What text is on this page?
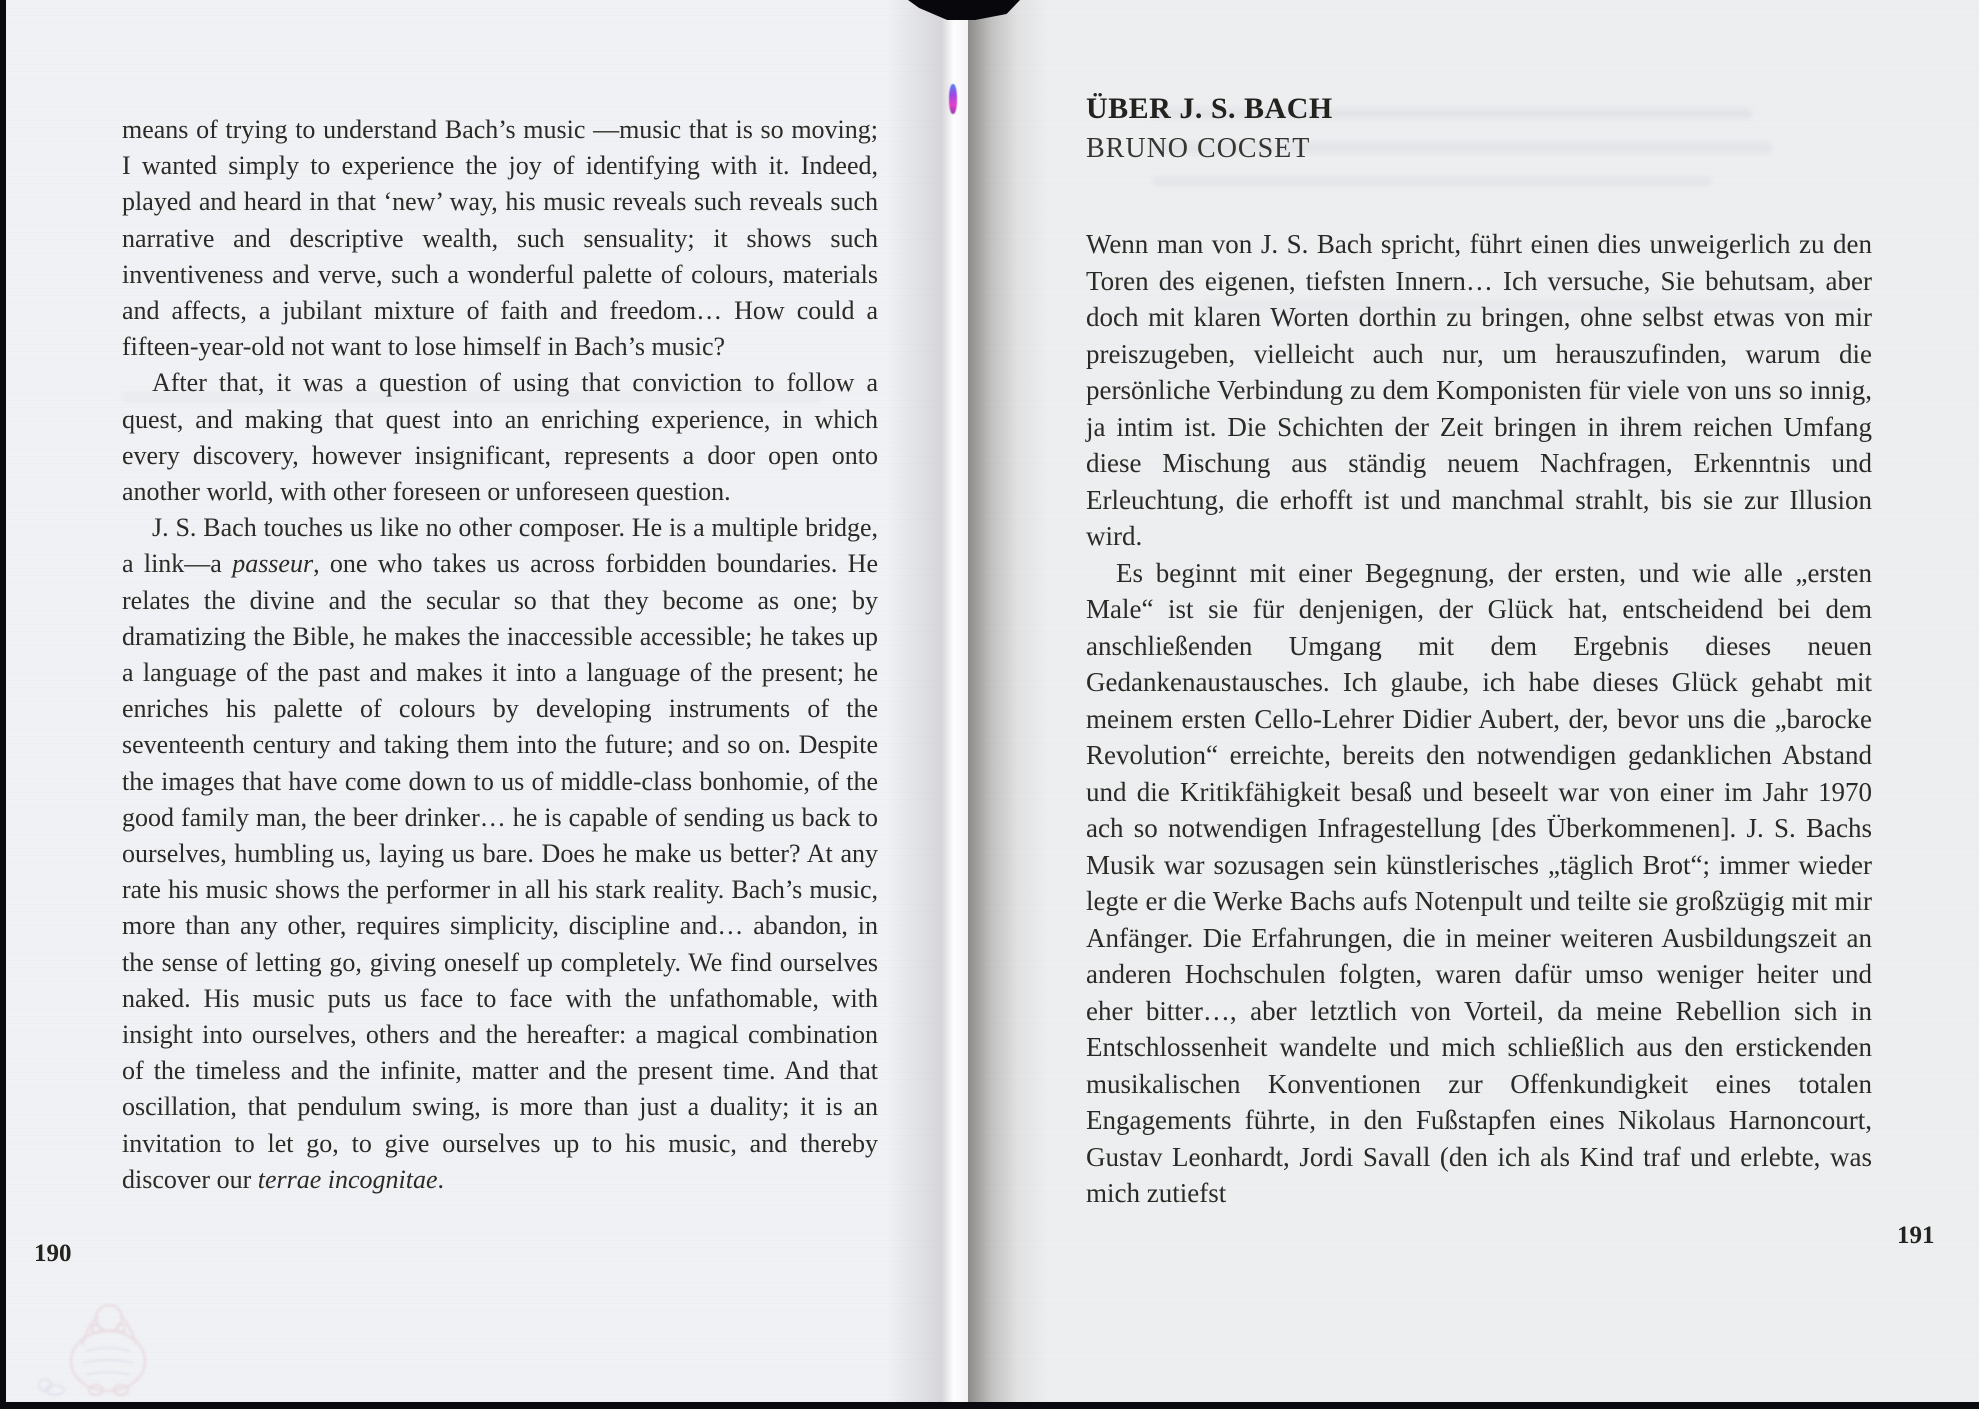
means of trying to understand Bach’s music —music that is so moving; I wanted simply to experience the joy of identifying with it. Indeed, played and heard in that ‘new’ way, his music reveals such reveals such narrative and descriptive wealth, such sensuality; it shows such inventiveness and verve, such a wonderful palette of colours, materials and affects, a jubilant mixture of faith and freedom… How could a fifteen-year-old not want to lose himself in Bach’s music?

After that, it was a question of using that conviction to follow a quest, and making that quest into an enriching experience, in which every discovery, however insignificant, represents a door open onto another world, with other foreseen or unforeseen question.

J. S. Bach touches us like no other composer. He is a multiple bridge, a link—a passeur, one who takes us across forbidden boundaries. He relates the divine and the secular so that they become as one; by dramatizing the Bible, he makes the inaccessible accessible; he takes up a language of the past and makes it into a language of the present; he enriches his palette of colours by developing instruments of the seventeenth century and taking them into the future; and so on. Despite the images that have come down to us of middle-class bonhomie, of the good family man, the beer drinker… he is capable of sending us back to ourselves, humbling us, laying us bare. Does he make us better? At any rate his music shows the performer in all his stark reality. Bach’s music, more than any other, requires simplicity, discipline and… abandon, in the sense of letting go, giving oneself up completely. We find ourselves naked. His music puts us face to face with the unfathomable, with insight into ourselves, others and the hereafter: a magical combination of the timeless and the infinite, matter and the present time. And that oscillation, that pendulum swing, is more than just a duality; it is an invitation to let go, to give ourselves up to his music, and thereby discover our terrae incognitae.

190
ÜBER J. S. BACH
BRUNO COCSET

Wenn man von J. S. Bach spricht, führt einen dies unweigerlich zu den Toren des eigenen, tiefsten Innern… Ich versuche, Sie behutsam, aber doch mit klaren Worten dorthin zu bringen, ohne selbst etwas von mir preiszugeben, vielleicht auch nur, um herauszufinden, warum die persönliche Verbindung zu dem Komponisten für viele von uns so innig, ja intim ist. Die Schichten der Zeit bringen in ihrem reichen Umfang diese Mischung aus ständig neuem Nachfragen, Erkenntnis und Erleuchtung, die erhofft ist und manchmal strahlt, bis sie zur Illusion wird.

Es beginnt mit einer Begegnung, der ersten, und wie alle „ersten Male“ ist sie für denjenigen, der Glück hat, entscheidend bei dem anschließenden Umgang mit dem Ergebnis dieses neuen Gedankenaustausches. Ich glaube, ich habe dieses Glück gehabt mit meinem ersten Cello-Lehrer Didier Aubert, der, bevor uns die „barocke Revolution“ erreichte, bereits den notwendigen gedanklichen Abstand und die Kritikfähigkeit besaß und beseelt war von einer im Jahr 1970 ach so notwendigen Infragestellung [des Überkommenen]. J. S. Bachs Musik war sozusagen sein künstlerisches „täglich Brot“; immer wieder legte er die Werke Bachs aufs Notenpult und teilte sie großzügig mit mir Anfänger. Die Erfahrungen, die in meiner weiteren Ausbildungszeit an anderen Hochschulen folgten, waren dafür umso weniger heiter und eher bitter…, aber letztlich von Vorteil, da meine Rebellion sich in Entschlossenheit wandelte und mich schließlich aus den erstickenden musikalischen Konventionen zur Offenkundigkeit eines totalen Engagements führte, in den Fußstapfen eines Nikolaus Harnoncourt, Gustav Leonhardt, Jordi Savall (den ich als Kind traf und erlebte, was mich zutiefst

191
